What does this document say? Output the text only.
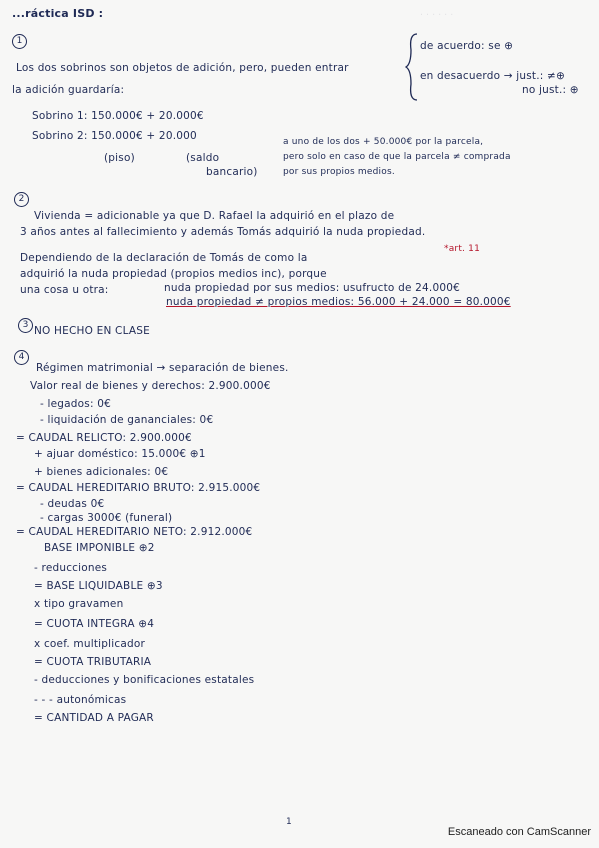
· · · · · ·
...ráctica ISD :
1
Los dos sobrinos son objetos de adición, pero, pueden entrar
la adición guardaría:
de acuerdo: se ⊕
en desacuerdo → just.: ≠⊕
no just.: ⊕
Sobrino 1: 150.000€ + 20.000€
Sobrino 2: 150.000€ + 20.000
(piso)	(saldo
bancario)
a uno de los dos + 50.000€ por la parcela,
pero solo en caso de que la parcela ≠ comprada
por sus propios medios.
2
Vivienda = adicionable ya que D. Rafael la adquirió en el plazo de
3 años antes al fallecimiento y además Tomás adquirió la nuda propiedad.
*art. 11
Dependiendo de la declaración de Tomás de como la
adquirió la nuda propiedad (propios medios inc), porque
una cosa u otra:	nuda propiedad por sus medios: usufructo de 24.000€
nuda propiedad ≠ propios medios: 56.000 + 24.000 = 80.000€
3 NO HECHO EN CLASE
4
Régimen matrimonial → separación de bienes.
Valor real de bienes y derechos: 2.900.000€
- legados: 0€
- liquidación de gananciales: 0€
= CAUDAL RELICTO: 2.900.000€
+ ajuar doméstico: 15.000€ ⊕1
+ bienes adicionales: 0€
= CAUDAL HEREDITARIO BRUTO: 2.915.000€
- deudas 0€
- cargas 3000€ (funeral)
= CAUDAL HEREDITARIO NETO: 2.912.000€
BASE IMPONIBLE ⊕2
- reducciones
= BASE LIQUIDABLE ⊕3
x tipo gravamen
= CUOTA INTEGRA ⊕4
x coef. multiplicador
= CUOTA TRIBUTARIA
- deducciones y bonificaciones estatales
- - - autonómicas
= CANTIDAD A PAGAR
1
Escaneado con CamScanner
